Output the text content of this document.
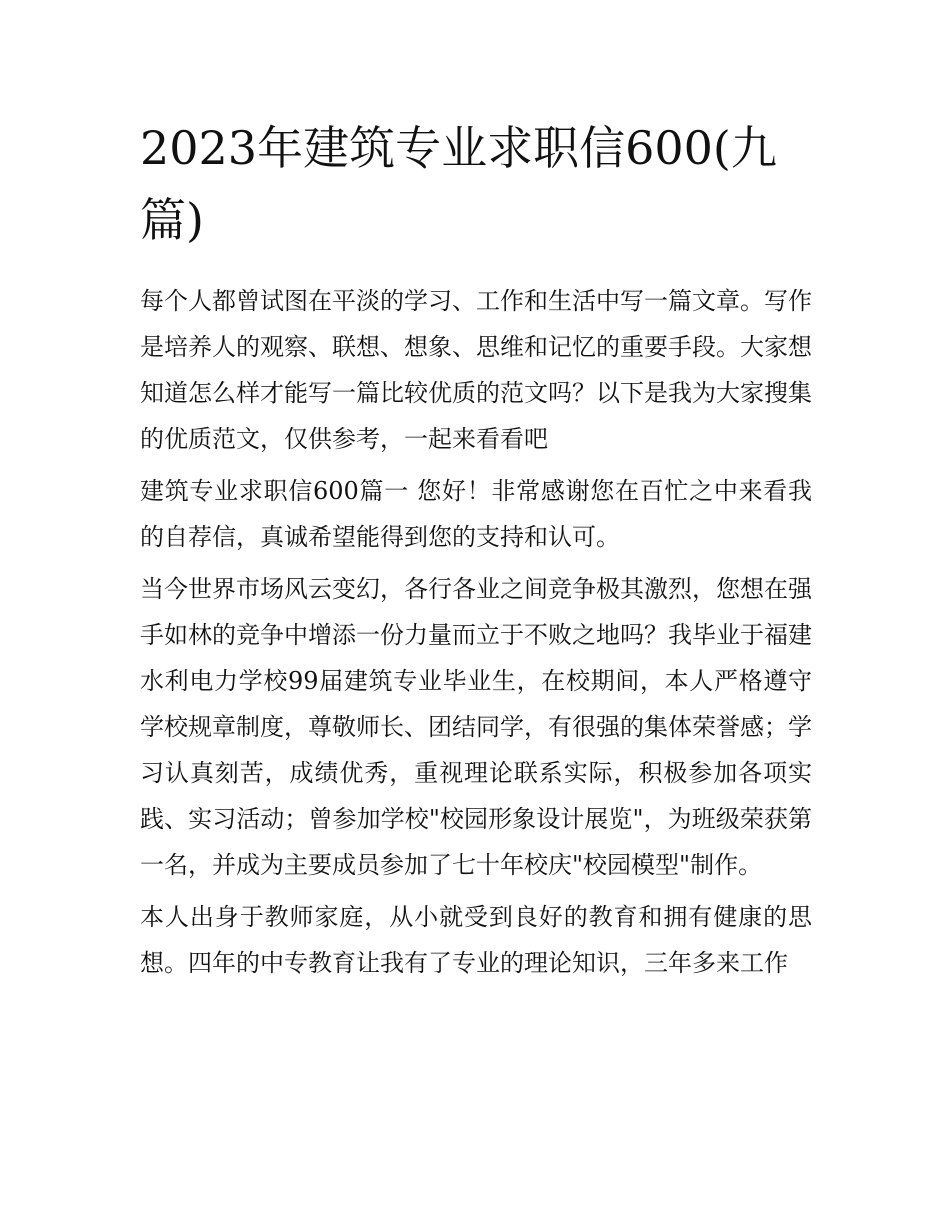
2023年建筑专业求职信600(九篇)

每个人都曾试图在平淡的学习、工作和生活中写一篇文章。写作是培养人的观察、联想、想象、思维和记忆的重要手段。大家想知道怎么样才能写一篇比较优质的范文吗？以下是我为大家搜集的优质范文，仅供参考，一起来看看吧

建筑专业求职信600篇一 您好！非常感谢您在百忙之中来看我的自荐信，真诚希望能得到您的支持和认可。

当今世界市场风云变幻，各行各业之间竞争极其激烈，您想在强手如林的竞争中增添一份力量而立于不败之地吗？我毕业于福建水利电力学校99届建筑专业毕业生，在校期间，本人严格遵守学校规章制度，尊敬师长、团结同学，有很强的集体荣誉感；学习认真刻苦，成绩优秀，重视理论联系实际，积极参加各项实践、实习活动；曾参加学校"校园形象设计展览"，为班级荣获第一名，并成为主要成员参加了七十年校庆"校园模型"制作。

本人出身于教师家庭，从小就受到良好的教育和拥有健康的思想。四年的中专教育让我有了专业的理论知识，三年多来工作
